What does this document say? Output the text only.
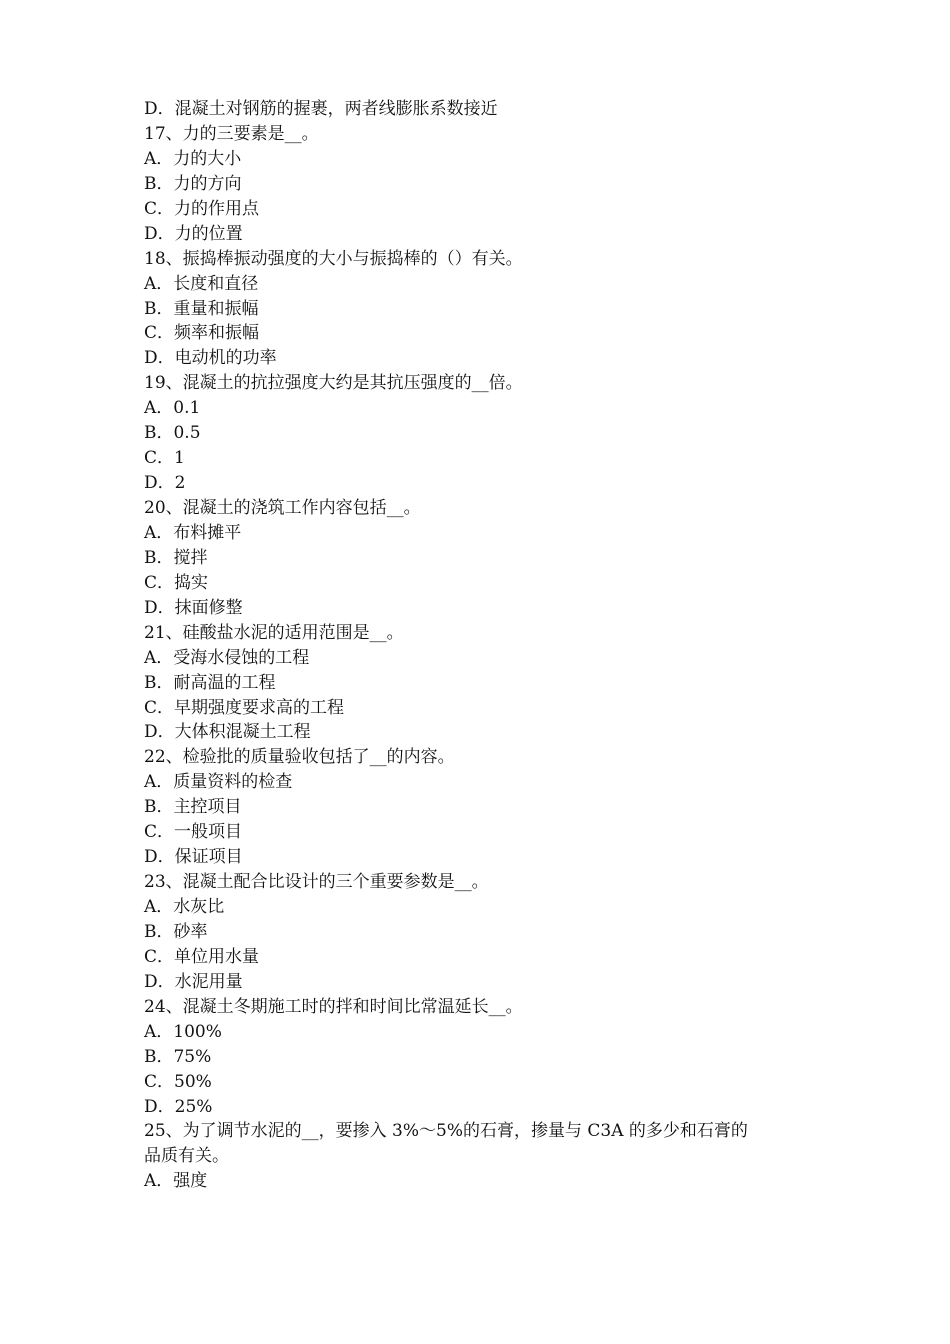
D．混凝土对钢筋的握裹，两者线膨胀系数接近
17、力的三要素是__。
A．力的大小
B．力的方向
C．力的作用点
D．力的位置
18、振捣棒振动强度的大小与振捣棒的（）有关。
A．长度和直径
B．重量和振幅
C．频率和振幅
D．电动机的功率
19、混凝土的抗拉强度大约是其抗压强度的__倍。
A．0.1
B．0.5
C．1
D．2
20、混凝土的浇筑工作内容包括__。
A．布料摊平
B．搅拌
C．捣实
D．抹面修整
21、硅酸盐水泥的适用范围是__。
A．受海水侵蚀的工程
B．耐高温的工程
C．早期强度要求高的工程
D．大体积混凝土工程
22、检验批的质量验收包括了__的内容。
A．质量资料的检查
B．主控项目
C．一般项目
D．保证项目
23、混凝土配合比设计的三个重要参数是__。
A．水灰比
B．砂率
C．单位用水量
D．水泥用量
24、混凝土冬期施工时的拌和时间比常温延长__。
A．100%
B．75%
C．50%
D．25%
25、为了调节水泥的__，要掺入 3%～5%的石膏，掺量与 C3A 的多少和石膏的
品质有关。
A．强度
